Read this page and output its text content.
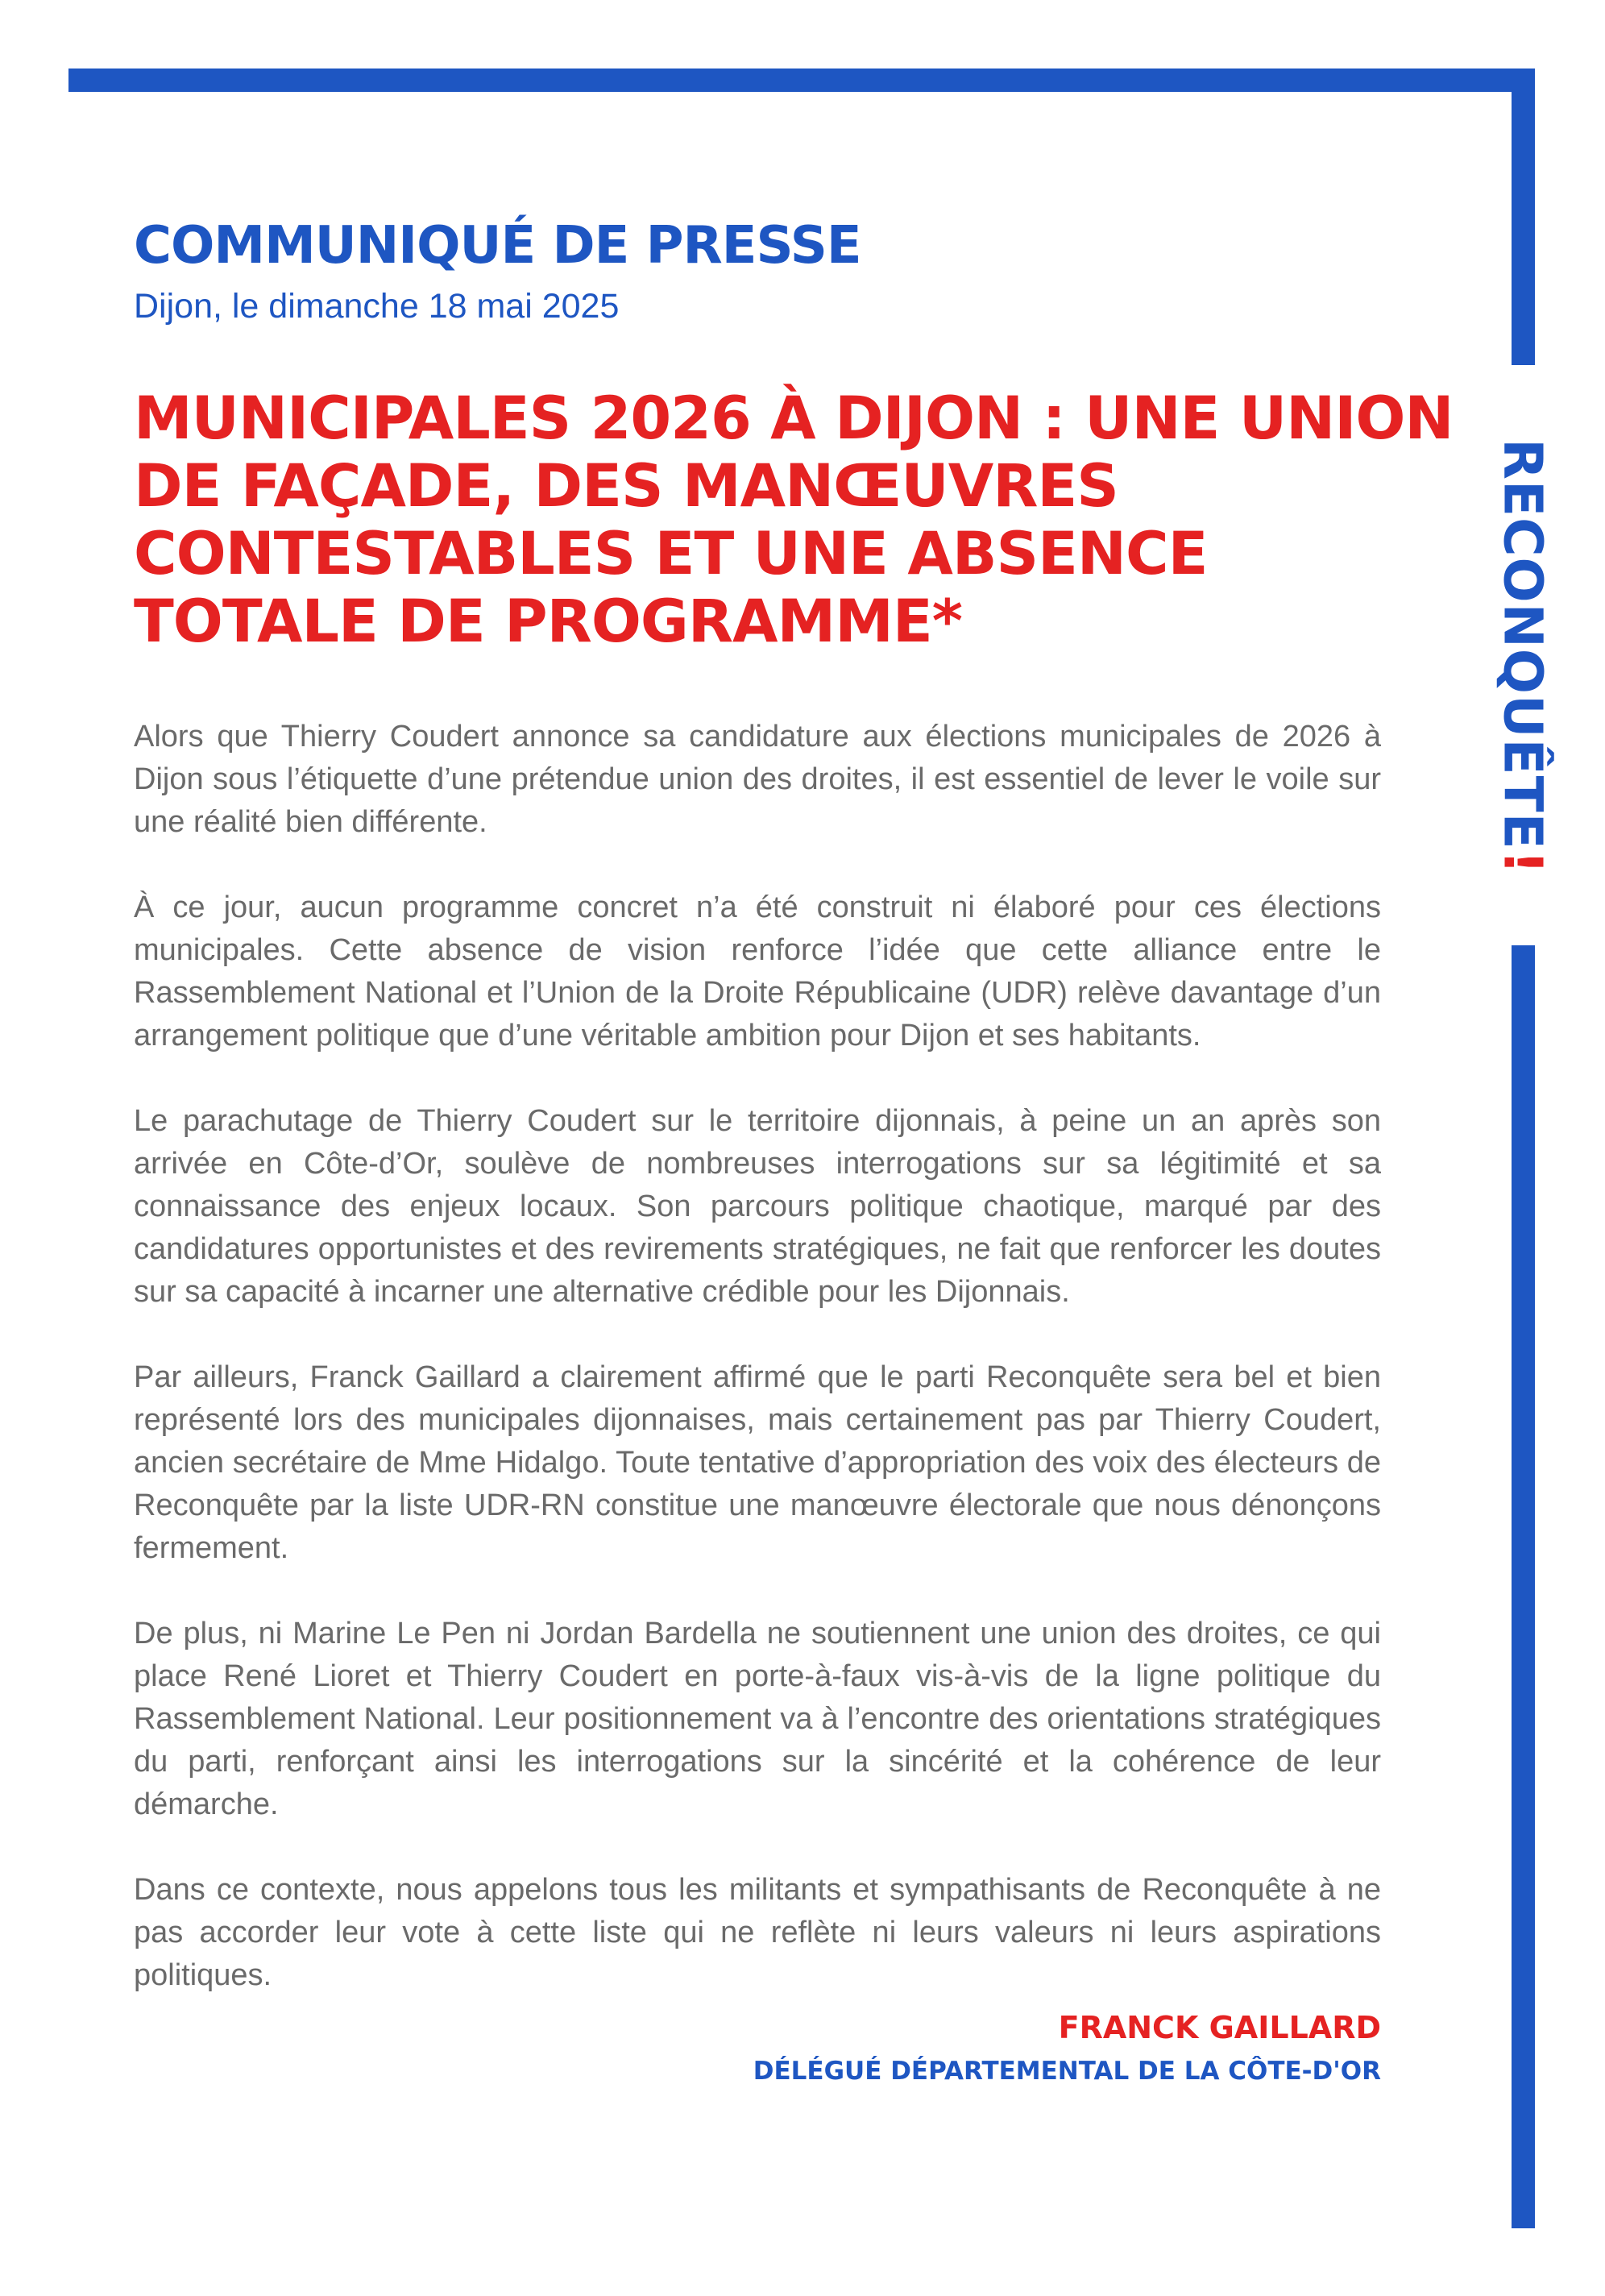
RECONQUÊTE!
COMMUNIQUÉ DE PRESSE

Dijon, le dimanche 18 mai 2025

MUNICIPALES 2026 À DIJON : UNE UNION DE FAÇADE, DES MANŒUVRES CONTESTABLES ET UNE ABSENCE TOTALE DE PROGRAMME*

Alors que Thierry Coudert annonce sa candidature aux élections municipales de 2026 à Dijon sous l’étiquette d’une prétendue union des droites, il est essentiel de lever le voile sur une réalité bien différente.

À ce jour, aucun programme concret n’a été construit ni élaboré pour ces élections municipales. Cette absence de vision renforce l’idée que cette alliance entre le Rassemblement National et l’Union de la Droite Républicaine (UDR) relève davantage d’un arrangement politique que d’une véritable ambition pour Dijon et ses habitants.

Le parachutage de Thierry Coudert sur le territoire dijonnais, à peine un an après son arrivée en Côte-d’Or, soulève de nombreuses interrogations sur sa légitimité et sa connaissance des enjeux locaux. Son parcours politique chaotique, marqué par des candidatures opportunistes et des revirements stratégiques, ne fait que renforcer les doutes sur sa capacité à incarner une alternative crédible pour les Dijonnais.

Par ailleurs, Franck Gaillard a clairement affirmé que le parti Reconquête sera bel et bien représenté lors des municipales dijonnaises, mais certainement pas par Thierry Coudert, ancien secrétaire de Mme Hidalgo. Toute tentative d’appropriation des voix des électeurs de Reconquête par la liste UDR-RN constitue une manœuvre électorale que nous dénonçons fermement.

De plus, ni Marine Le Pen ni Jordan Bardella ne soutiennent une union des droites, ce qui place René Lioret et Thierry Coudert en porte-à-faux vis-à-vis de la ligne politique du Rassemblement National. Leur positionnement va à l’encontre des orientations stratégiques du parti, renforçant ainsi les interrogations sur la sincérité et la cohérence de leur démarche.

Dans ce contexte, nous appelons tous les militants et sympathisants de Reconquête à ne pas accorder leur vote à cette liste qui ne reflète ni leurs valeurs ni leurs aspirations politiques.

FRANCK GAILLARD

DÉLÉGUÉ DÉPARTEMENTAL DE LA CÔTE-D'OR
